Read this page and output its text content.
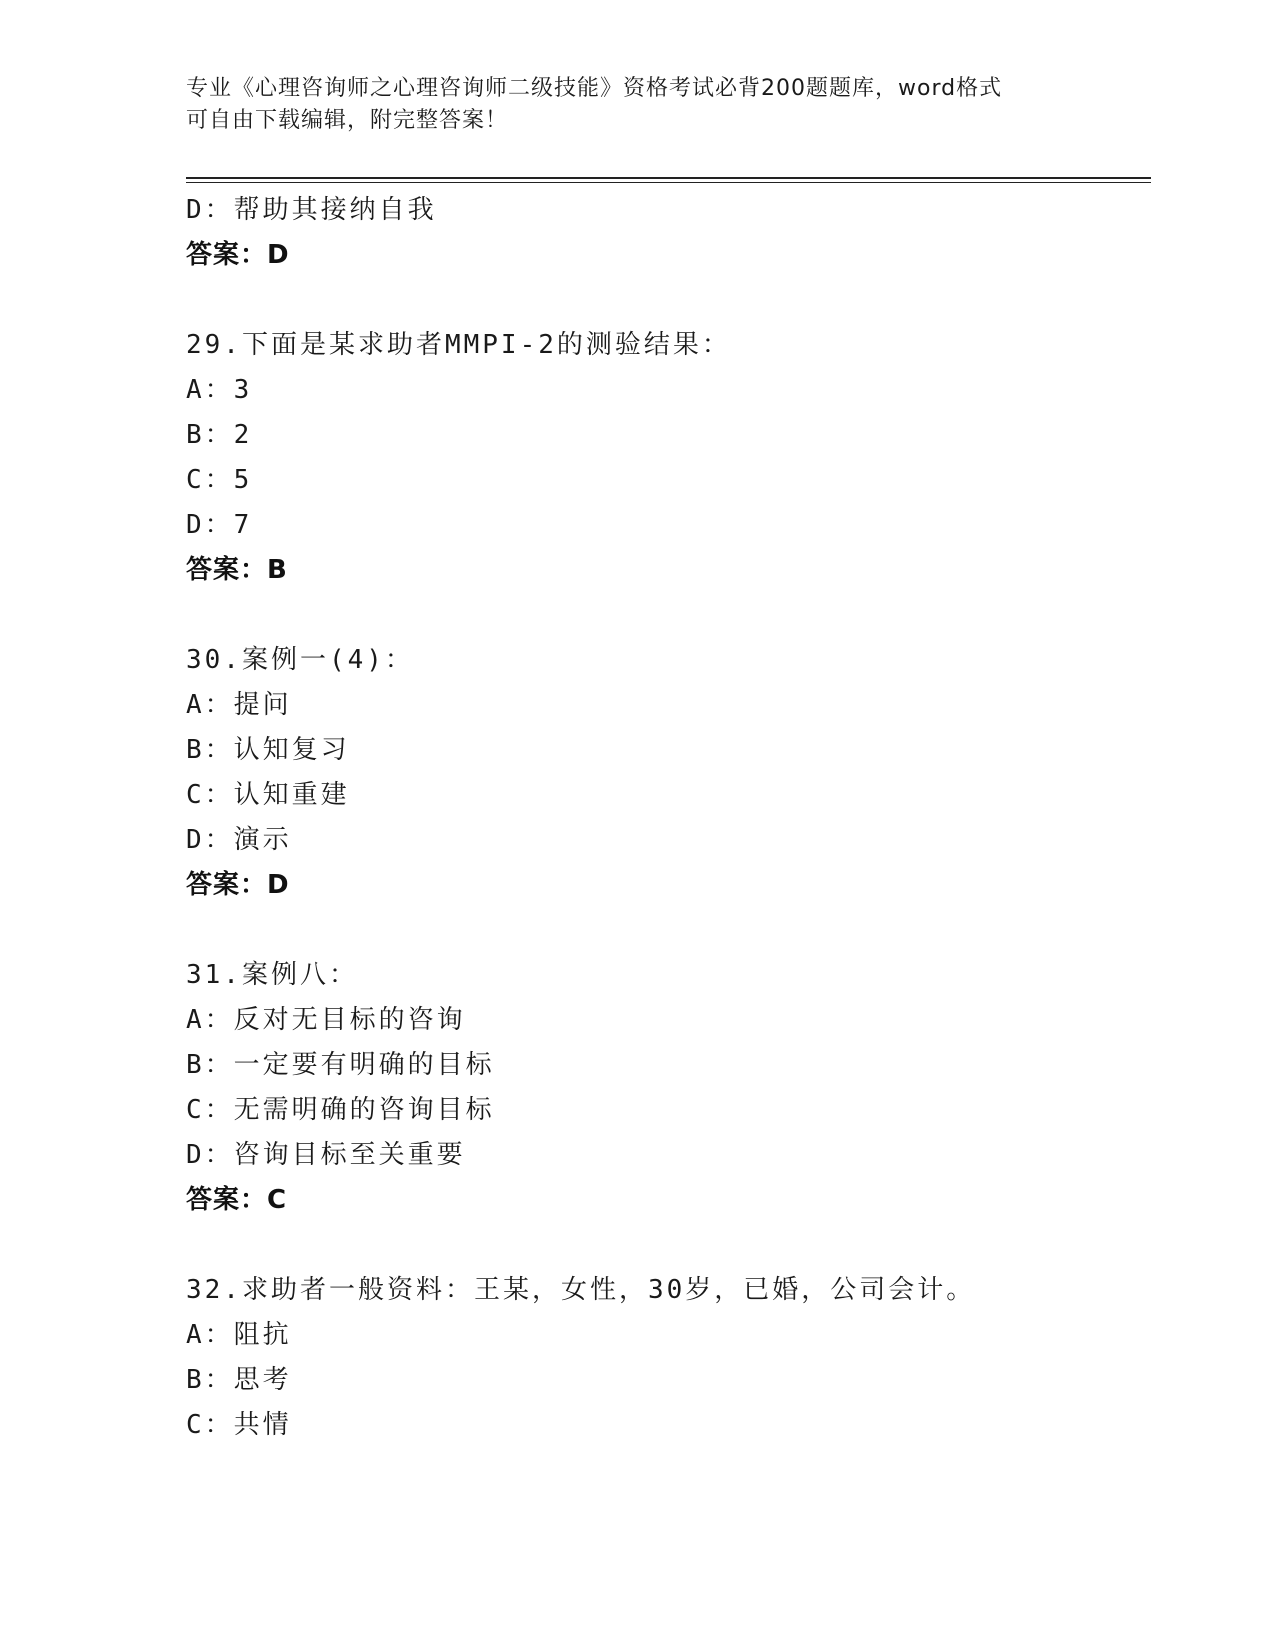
专业《心理咨询师之心理咨询师二级技能》资格考试必背200题题库，word格式
可自由下载编辑，附完整答案！
D：帮助其接纳自我
答案：D
29.下面是某求助者MMPI-2的测验结果：
A：3
B：2
C：5
D：7
答案：B
30.案例一(4)：
A：提问
B：认知复习
C：认知重建
D：演示
答案：D
31.案例八：
A：反对无目标的咨询
B：一定要有明确的目标
C：无需明确的咨询目标
D：咨询目标至关重要
答案：C
32.求助者一般资料：王某，女性，30岁，已婚，公司会计。
A：阻抗
B：思考
C：共情
